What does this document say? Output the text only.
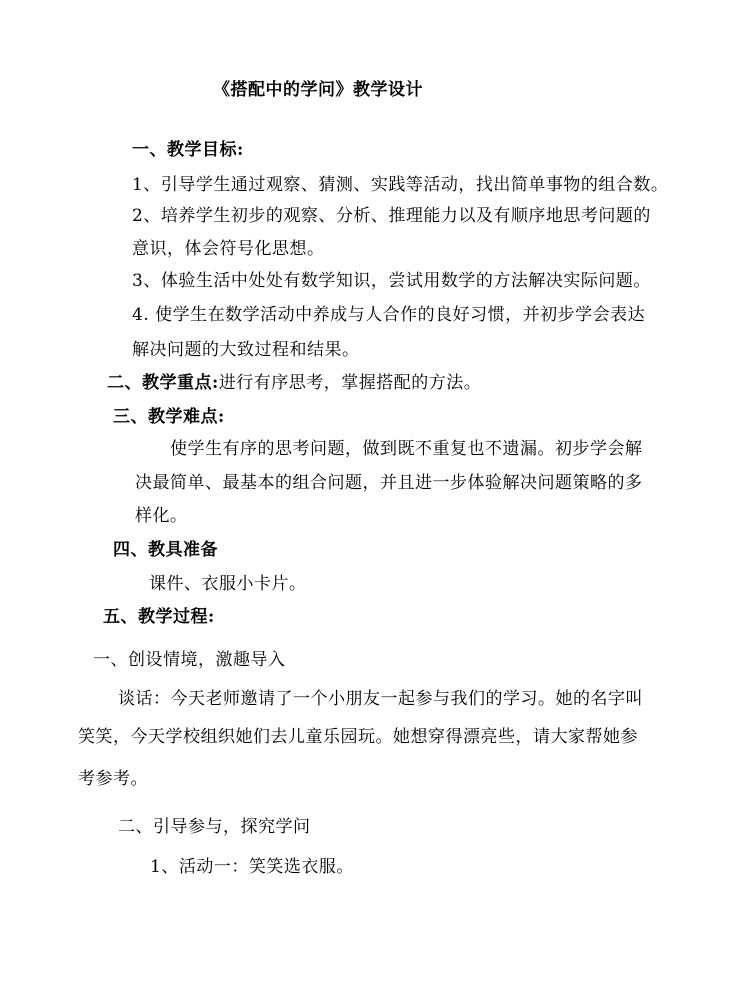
《搭配中的学问》教学设计
一、教学目标:
1、引导学生通过观察、猜测、实践等活动，找出简单事物的组合数。
2、培养学生初步的观察、分析、推理能力以及有顺序地思考问题的
意识，体会符号化思想。
3、体验生活中处处有数学知识，尝试用数学的方法解决实际问题。
4. 使学生在数学活动中养成与人合作的良好习惯，并初步学会表达
解决问题的大致过程和结果。
二、教学重点:进行有序思考，掌握搭配的方法。
三、教学难点:
使学生有序的思考问题，做到既不重复也不遗漏。初步学会解
决最简单、最基本的组合问题，并且进一步体验解决问题策略的多
样化。
四、教具准备
课件、衣服小卡片。
五、教学过程:
一、创设情境，激趣导入
谈话：今天老师邀请了一个小朋友一起参与我们的学习。她的名字叫
笑笑，今天学校组织她们去儿童乐园玩。她想穿得漂亮些，请大家帮她参
考参考。
二、引导参与，探究学问
1、活动一：笑笑选衣服。
